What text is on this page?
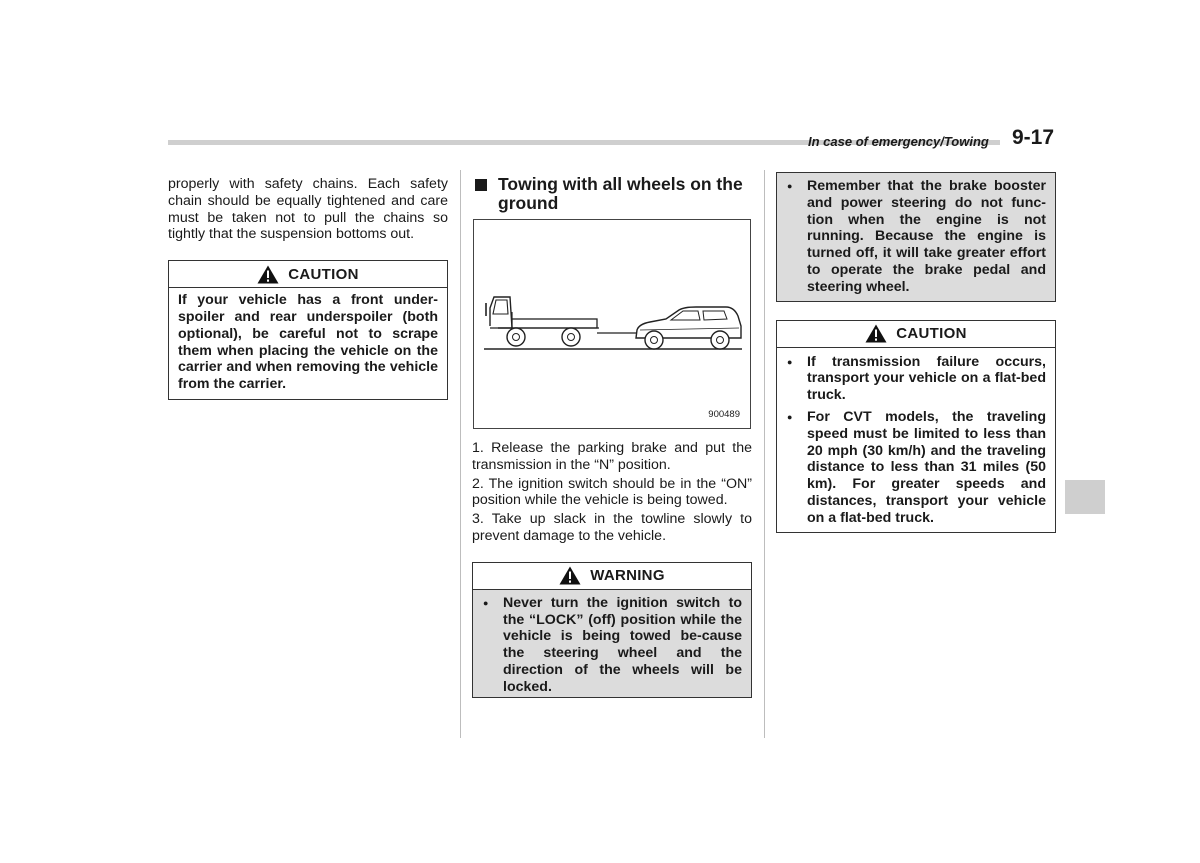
In case of emergency/Towing 9-17

properly with safety chains. Each safety chain should be equally tightened and care must be taken not to pull the chains so tightly that the suspension bottoms out.

CAUTION
If your vehicle has a front under-spoiler and rear underspoiler (both optional), be careful not to scrape them when placing the vehicle on the carrier and when removing the vehicle from the carrier.
Towing with all wheels on the ground
900489

1. Release the parking brake and put the transmission in the “N” position.

2. The ignition switch should be in the “ON” position while the vehicle is being towed.

3. Take up slack in the towline slowly to prevent damage to the vehicle.

WARNING
● Never turn the ignition switch to the “LOCK” (off) position while the vehicle is being towed be-cause the steering wheel and the direction of the wheels will be locked.
● Remember that the brake booster and power steering do not func-tion when the engine is not running. Because the engine is turned off, it will take greater effort to operate the brake pedal and steering wheel.
CAUTION
● If transmission failure occurs, transport your vehicle on a flat-bed truck.
● For CVT models, the traveling speed must be limited to less than 20 mph (30 km/h) and the traveling distance to less than 31 miles (50 km). For greater speeds and distances, transport your vehicle on a flat-bed truck.
